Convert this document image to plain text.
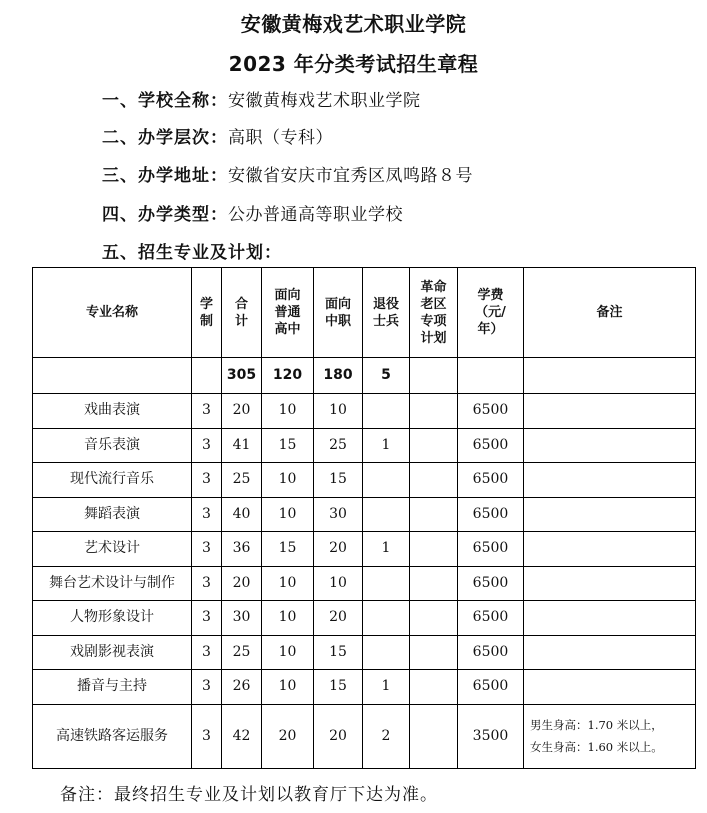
安徽黄梅戏艺术职业学院
2023 年分类考试招生章程
一、学校全称：安徽黄梅戏艺术职业学院
二、办学层次：高职（专科）
三、办学地址：安徽省安庆市宜秀区凤鸣路８号
四、办学类型：公办普通高等职业学校
五、招生专业及计划：
专业名称	学制	合计	面向普通高中	面向中职	退役士兵	革命老区专项计划	学费（元/年）	备注
		305	120	180	5			
戏曲表演	3	20	10	10			6500	
音乐表演	3	41	15	25	1		6500	
现代流行音乐	3	25	10	15			6500	
舞蹈表演	3	40	10	30			6500	
艺术设计	3	36	15	20	1		6500	
舞台艺术设计与制作	3	20	10	10			6500	
人物形象设计	3	30	10	20			6500	
戏剧影视表演	3	25	10	15			6500	
播音与主持	3	26	10	15	1		6500	
高速铁路客运服务	3	42	20	20	2		3500	男生身高：1.70 米以上，
女生身高：1.60 米以上。
备注：最终招生专业及计划以教育厅下达为准。
